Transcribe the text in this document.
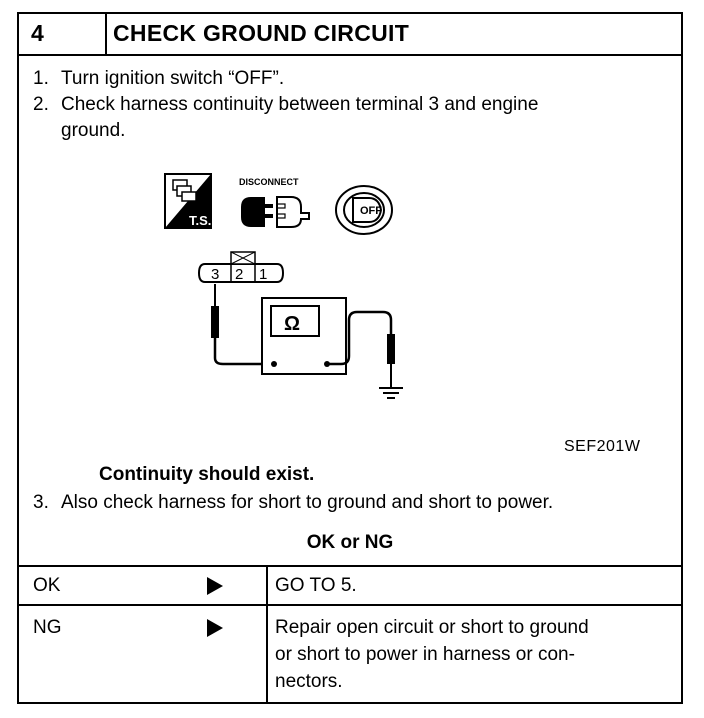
4	CHECK GROUND CIRCUIT
1. Turn ignition switch “OFF”.
2. Check harness continuity between terminal 3 and engine
ground.
T.S.
DISCONNECT
OFF
3 2 1
Ω
SEF201W
Continuity should exist.
3. Also check harness for short to ground and short to power.
OK or NG
OK	GO TO 5.
NG	Repair open circuit or short to ground
or short to power in harness or con-
nectors.
